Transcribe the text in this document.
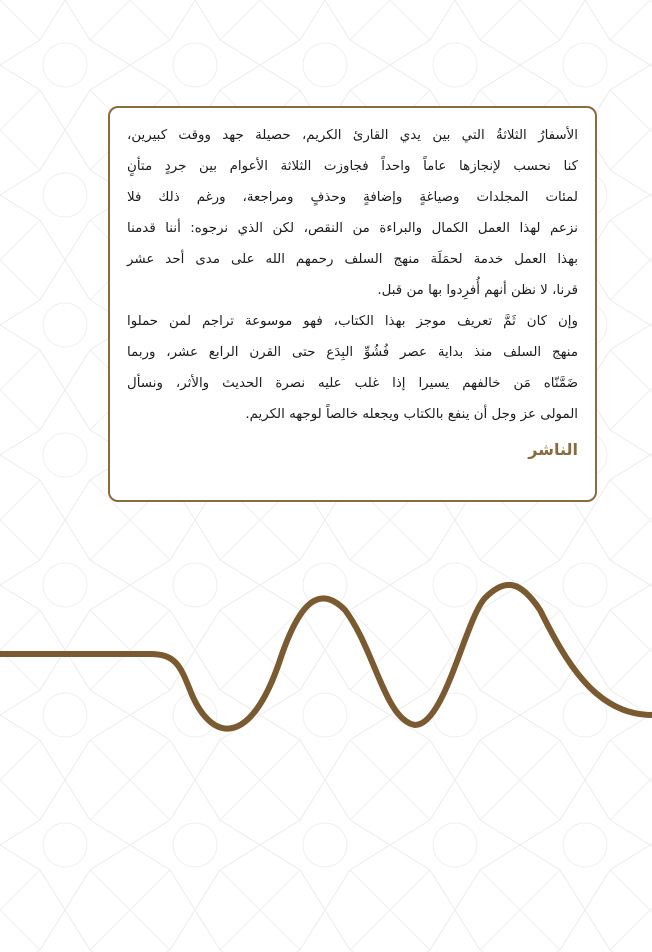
الأسفارُ الثلاثةُ التي بين يدي القارئ الكريم، حصيلة جهد ووقت كبيرين،
كنا نحسب لإنجازها عاماً واحداً فجاوزت الثلاثة الأعوام بين جردٍ متأنٍ
لمئات المجلدات وصياغةٍ وإضافةٍ وحذفٍ ومراجعة، ورغم ذلك فلا
نزعم لهذا العمل الكمال والبراءة من النقص، لكن الذي نرجوه: أننا قدمنا
بهذا العمل خدمة لحمَلَة منهج السلف رحمهم الله على مدى أحد عشر
قرنا، لا نظن أنهم أُفرِدوا بها من قبل.
وإن كان ثَمَّ تعريف موجز بهذا الكتاب، فهو موسوعة تراجم لمن حملوا
منهج السلف منذ بداية عصر فُشُوِّ البِدَع حتى القرن الرابع عشر، وربما
ضَمَّنّاه مَن خالفهم يسيرا إذا غلب عليه نصرة الحديث والأثر، ونسأل
المولى عز وجل أن ينفع بالكتاب ويجعله خالصاً لوجهه الكريم.
الناشر
